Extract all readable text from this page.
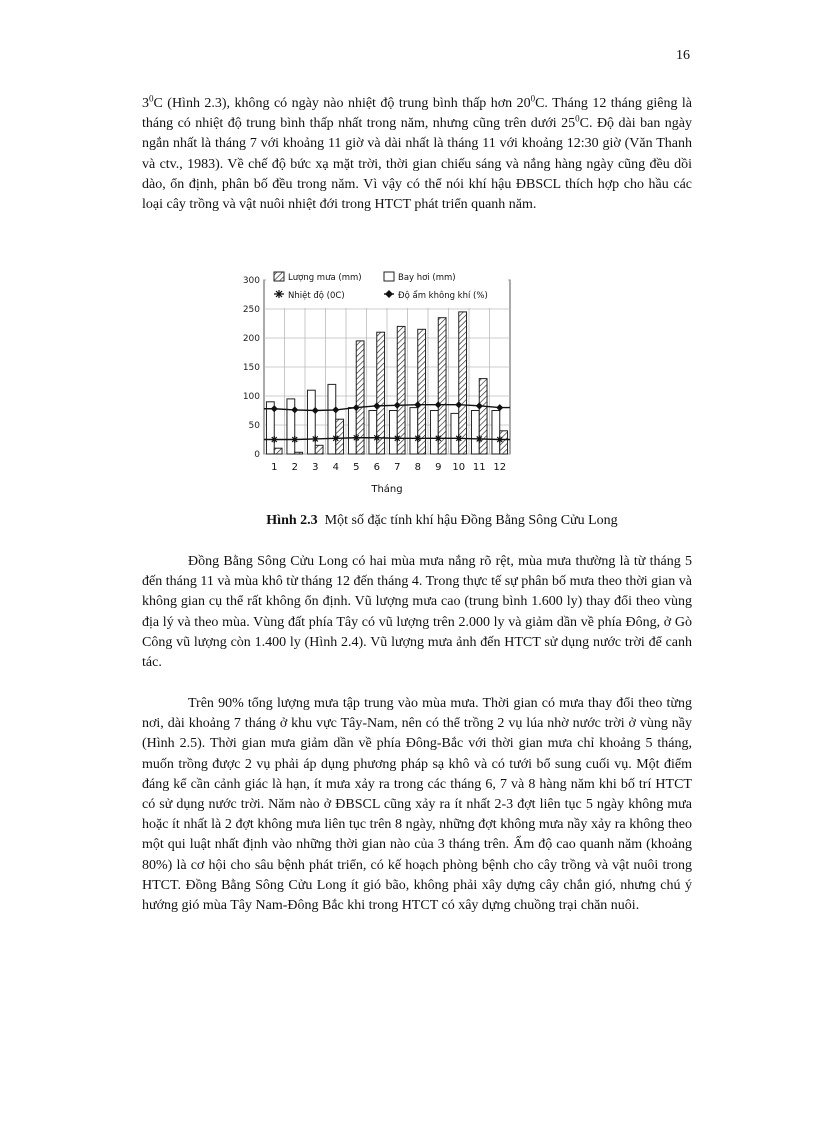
16

$3^0C$ (Hình 2.3), không có ngày nào nhiệt độ trung bình thấp hơn $20^0C$. Tháng 12 tháng giêng là tháng có nhiệt độ trung bình thấp nhất trong năm, nhưng cũng trên dưới $25^0C$. Độ dài ban ngày ngắn nhất là tháng 7 với khoảng 11 giờ và dài nhất là tháng 11 với khoảng 12:30 giờ (Văn Thanh và ctv., 1983). Về chế độ bức xạ mặt trời, thời gian chiếu sáng và nắng hàng ngày cũng đều dồi dào, ổn định, phân bố đều trong năm. Vì vậy có thể nói khí hậu ĐBSCL thích hợp cho hầu các loại cây trồng và vật nuôi nhiệt đới trong HTCT phát triển quanh năm.

0
50
100
150
200
250
300
1 2 3 4 5 6 7 8 9 10 11 12
Tháng
Lượng mưa (mm)	Bay hơi (mm)
Nhiệt độ (0C)	Độ ẩm không khí (%)
Hình 2.3 Một số đặc tính khí hậu Đồng Bằng Sông Cửu Long

Đồng Bằng Sông Cửu Long có hai mùa mưa nắng rõ rệt, mùa mưa thường là từ tháng 5 đến tháng 11 và mùa khô từ tháng 12 đến tháng 4. Trong thực tế sự phân bố mưa theo thời gian và không gian cụ thể rất không ổn định. Vũ lượng mưa cao (trung bình 1.600 ly) thay đổi theo vùng địa lý và theo mùa. Vùng đất phía Tây có vũ lượng trên 2.000 ly và giảm dần về phía Đông, ở Gò Công vũ lượng còn 1.400 ly (Hình 2.4). Vũ lượng mưa ảnh đến HTCT sử dụng nước trời để canh tác.

Trên 90% tổng lượng mưa tập trung vào mùa mưa. Thời gian có mưa thay đổi theo từng nơi, dài khoảng 7 tháng ở khu vực Tây-Nam, nên có thể trồng 2 vụ lúa nhờ nước trời ở vùng nầy (Hình 2.5). Thời gian mưa giảm dần về phía Đông-Bắc với thời gian mưa chỉ khoảng 5 tháng, muốn trồng được 2 vụ phải áp dụng phương pháp sạ khô và có tưới bổ sung cuối vụ. Một điểm đáng kể cần cảnh giác là hạn, ít mưa xảy ra trong các tháng 6, 7 và 8 hàng năm khi bố trí HTCT có sử dụng nước trời. Năm nào ở ĐBSCL cũng xảy ra ít nhất 2-3 đợt liên tục 5 ngày không mưa hoặc ít nhất là 2 đợt không mưa liên tục trên 8 ngày, những đợt không mưa nầy xảy ra không theo một qui luật nhất định vào những thời gian nào của 3 tháng trên. Ẩm độ cao quanh năm (khoảng 80%) là cơ hội cho sâu bệnh phát triển, có kế hoạch phòng bệnh cho cây trồng và vật nuôi trong HTCT. Đồng Bằng Sông Cửu Long ít gió bão, không phải xây dựng cây chắn gió, nhưng chú ý hướng gió mùa Tây Nam-Đông Bắc khi trong HTCT có xây dựng chuồng trại chăn nuôi.
